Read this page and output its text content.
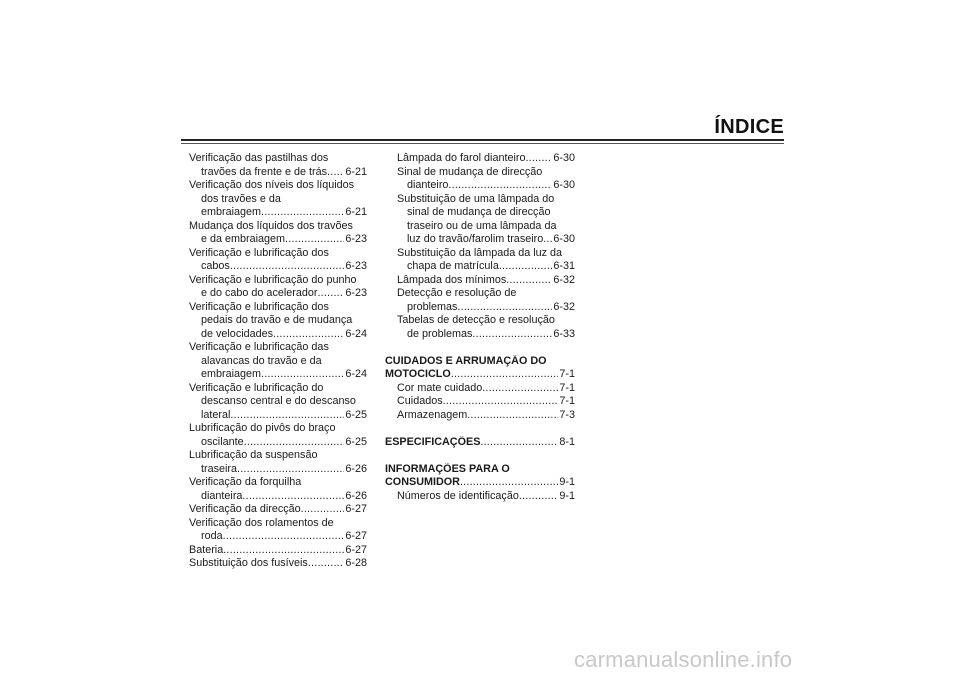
ÍNDICE
Verificação das pastilhas dos
travões da frente e de trás ..... 6-21
Verificação dos níveis dos líquidos
dos travões e da
embraiagem .....	6-21
Mudança dos líquidos dos travões
e da embraiagem .....	6-23
Verificação e lubrificação dos
cabos .....	6-23
Verificação e lubrificação do punho
e do cabo do acelerador .....	6-23
Verificação e lubrificação dos
pedais do travão e de mudança
de velocidades .....	6-24
Verificação e lubrificação das
alavancas do travão e da
embraiagem .....	6-24
Verificação e lubrificação do
descanso central e do descanso
lateral .....	6-25
Lubrificação do pivôs do braço
oscilante .....	6-25
Lubrificação da suspensão
traseira .....	6-26
Verificação da forquilha
dianteira .....	6-26
Verificação da direcção .....	6-27
Verificação dos rolamentos de
roda .....	6-27
Bateria .....	6-27
Substituição dos fusíveis .....	6-28
Lâmpada do farol dianteiro .....	6-30
Sinal de mudança de direcção
dianteiro .....	6-30
Substituição de uma lâmpada do
sinal de mudança de direcção
traseiro ou de uma lâmpada da
luz do travão/farolim traseiro ..... 6-30
Substituição da lâmpada da luz da
chapa de matrícula .....	6-31
Lâmpada dos mínimos .....	6-32
Detecção e resolução de
problemas .....	6-32
Tabelas de detecção e resolução
de problemas .....	6-33
CUIDADOS E ARRUMAÇÃO DO
MOTOCICLO .....	7-1
Cor mate cuidado .....	7-1
Cuidados .....	7-1
Armazenagem .....	7-3
ESPECIFICAÇÕES .....	8-1
INFORMAÇÕES PARA O
CONSUMIDOR .....	9-1
Números de identificação .....	9-1
carmanualsonline.info
